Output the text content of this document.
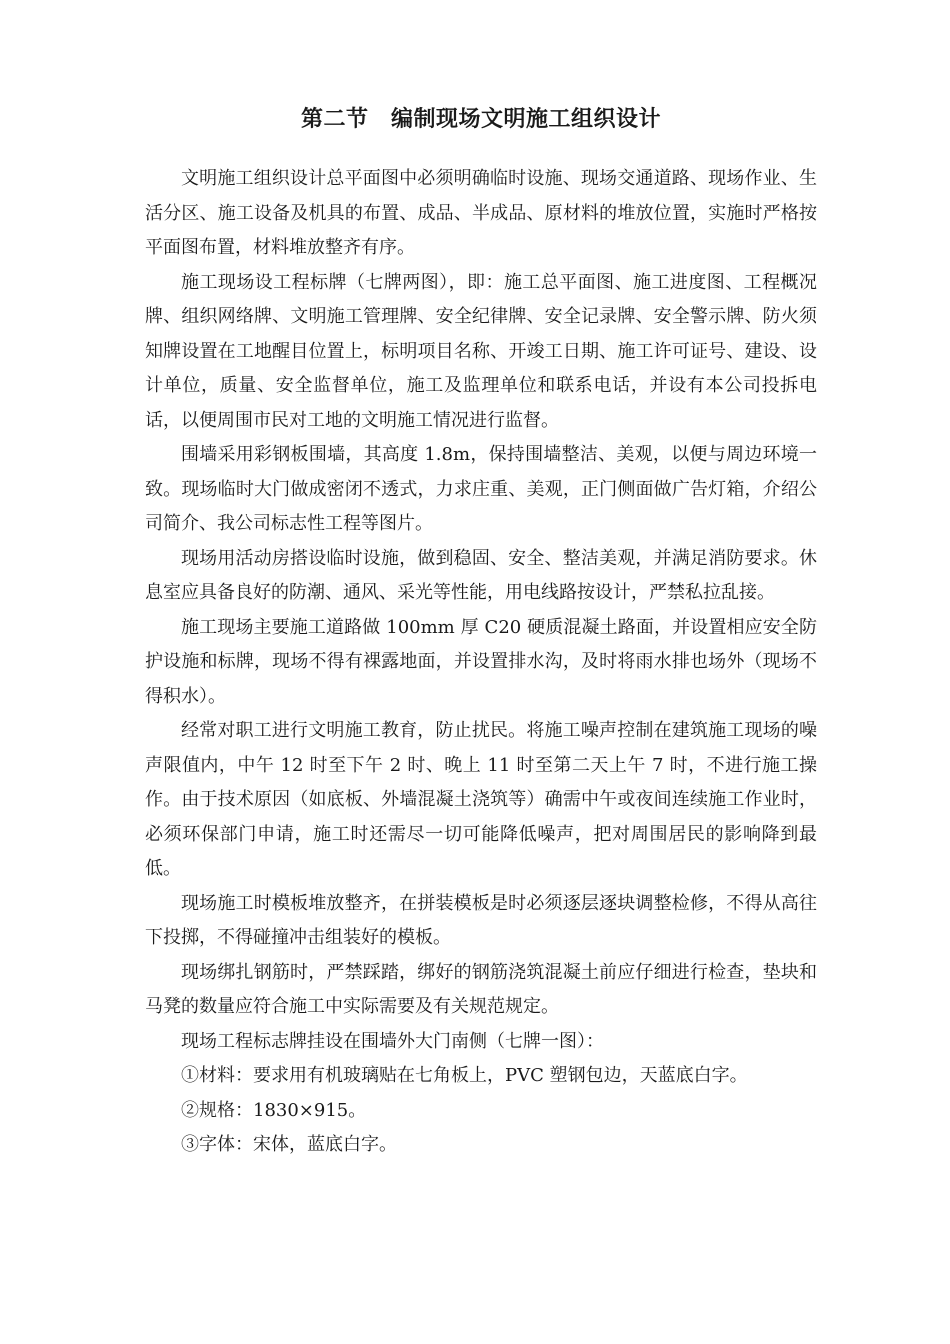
第二节　编制现场文明施工组织设计

文明施工组织设计总平面图中必须明确临时设施、现场交通道路、现场作业、生活分区、施工设备及机具的布置、成品、半成品、原材料的堆放位置，实施时严格按平面图布置，材料堆放整齐有序。

施工现场设工程标牌（七牌两图），即：施工总平面图、施工进度图、工程概况牌、组织网络牌、文明施工管理牌、安全纪律牌、安全记录牌、安全警示牌、防火须知牌设置在工地醒目位置上，标明项目名称、开竣工日期、施工许可证号、建设、设计单位，质量、安全监督单位，施工及监理单位和联系电话，并设有本公司投拆电话，以便周围市民对工地的文明施工情况进行监督。

围墙采用彩钢板围墙，其高度 1.8m，保持围墙整洁、美观，以便与周边环境一致。现场临时大门做成密闭不透式，力求庄重、美观，正门侧面做广告灯箱，介绍公司简介、我公司标志性工程等图片。

现场用活动房搭设临时设施，做到稳固、安全、整洁美观，并满足消防要求。休息室应具备良好的防潮、通风、采光等性能，用电线路按设计，严禁私拉乱接。

施工现场主要施工道路做 100mm 厚 C20 硬质混凝土路面，并设置相应安全防护设施和标牌，现场不得有裸露地面，并设置排水沟，及时将雨水排也场外（现场不得积水）。

经常对职工进行文明施工教育，防止扰民。将施工噪声控制在建筑施工现场的噪声限值内，中午 12 时至下午 2 时、晚上 11 时至第二天上午 7 时，不进行施工操作。由于技术原因（如底板、外墙混凝土浇筑等）确需中午或夜间连续施工作业时，必须环保部门申请，施工时还需尽一切可能降低噪声，把对周围居民的影响降到最低。

现场施工时模板堆放整齐，在拼装模板是时必须逐层逐块调整检修，不得从高往下投掷，不得碰撞冲击组装好的模板。

现场绑扎钢筋时，严禁踩踏，绑好的钢筋浇筑混凝土前应仔细进行检查，垫块和马凳的数量应符合施工中实际需要及有关规范规定。

现场工程标志牌挂设在围墙外大门南侧（七牌一图）：

①材料：要求用有机玻璃贴在七角板上，PVC 塑钢包边，天蓝底白字。

②规格：1830×915。

③字体：宋体，蓝底白字。
